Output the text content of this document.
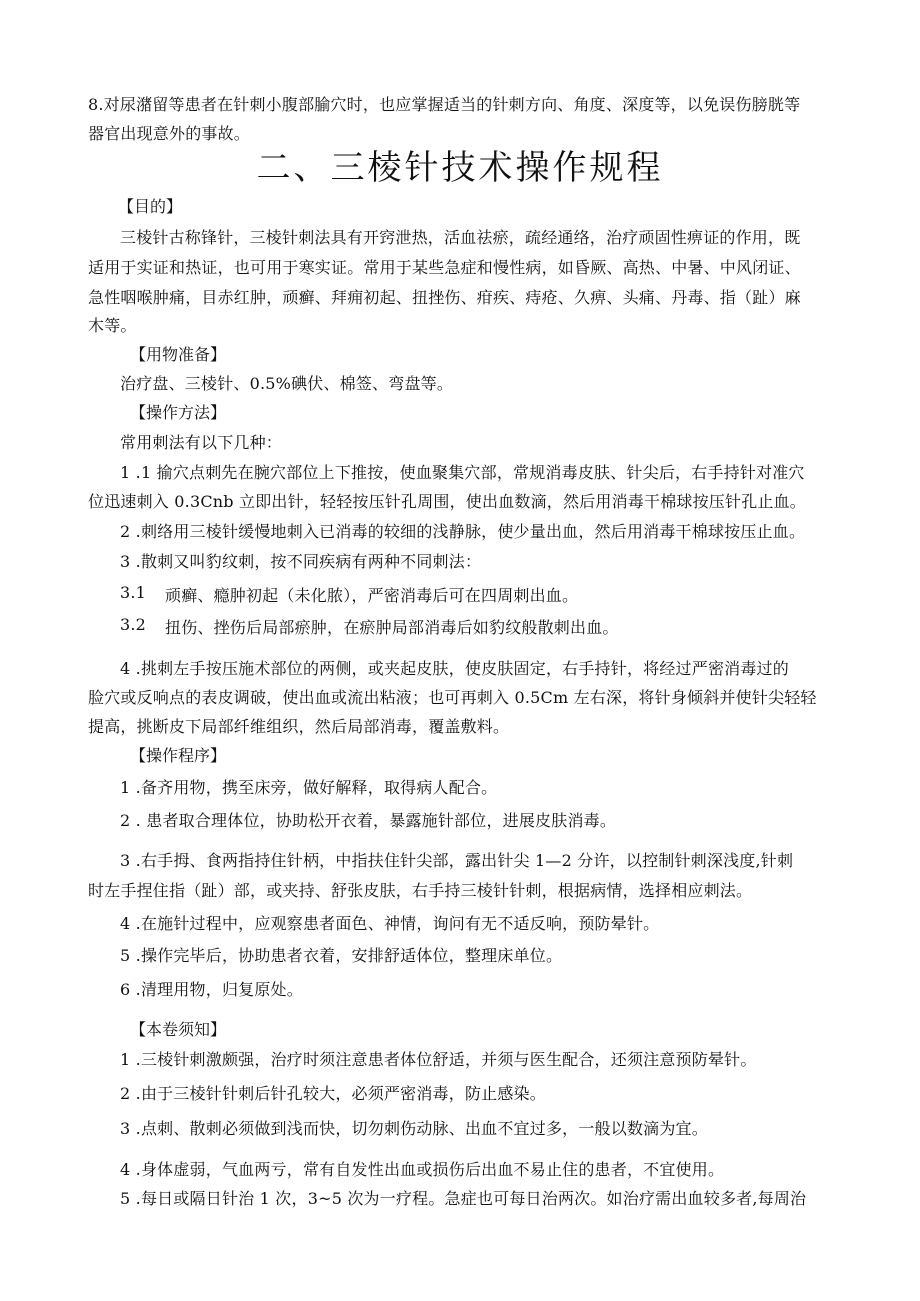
8.对尿潴留等患者在针刺小腹部腧穴时，也应掌握适当的针刺方向、角度、深度等，以免误伤膀胱等
器官出现意外的事故。
二、三棱针技术操作规程
【目的】
三棱针古称锋针，三棱针刺法具有开窍泄热，活血祛瘀，疏经通络，治疗顽固性痹证的作用，既
适用于实证和热证，也可用于寒实证。常用于某些急症和慢性病，如昏厥、高热、中暑、中风闭证、
急性咽喉肿痛，目赤红肿，顽癣、拜痈初起、扭挫伤、疳疾、痔疮、久痹、头痛、丹毒、指（趾）麻
木等。
【用物准备】
治疗盘、三棱针、0.5%碘伏、棉签、弯盘等。
【操作方法】
常用刺法有以下几种：
1 .1 揄穴点刺先在腕穴部位上下推按，使血聚集穴部，常规消毒皮肤、针尖后，右手持针对准穴
位迅速刺入 0.3Cnb 立即出针，轻轻按压针孔周围，使出血数滴，然后用消毒干棉球按压针孔止血。
2 .刺络用三棱针缓慢地刺入已消毒的较细的浅静脉，使少量出血，然后用消毒干棉球按压止血。
3 .散刺又叫豹纹刺，按不同疾病有两种不同刺法：
3.1 顽癣、瘾肿初起（未化脓），严密消毒后可在四周刺出血。
3.2 扭伤、挫伤后局部瘀肿，在瘀肿局部消毒后如豹纹般散刺出血。
4 .挑刺左手按压施术部位的两侧，或夹起皮肤，使皮肤固定，右手持针，将经过严密消毒过的
脸穴或反响点的表皮调破，使出血或流出粘液；也可再刺入 0.5Cm 左右深，将针身倾斜并使针尖轻轻
提高，挑断皮下局部纤维组织，然后局部消毒，覆盖敷料。
【操作程序】
1 .备齐用物，携至床旁，做好解释，取得病人配合。
2 . 患者取合理体位，协助松开衣着，暴露施针部位，进展皮肤消毒。
3 .右手拇、食两指持住针柄，中指扶住针尖部，露出针尖 1—2 分许，以控制针刺深浅度,针刺
时左手捏住指（趾）部，或夹持、舒张皮肤，右手持三棱针针刺，根据病情，选择相应刺法。
4 .在施针过程中，应观察患者面色、神情，询问有无不适反响，预防晕针。
5 .操作完毕后，协助患者衣着，安排舒适体位，整理床单位。
6 .清理用物，归复原处。
【本卷须知】
1 .三棱针刺激颇强，治疗时须注意患者体位舒适，并须与医生配合，还须注意预防晕针。
2 .由于三棱针针刺后针孔较大，必须严密消毒，防止感染。
3 .点刺、散刺必须做到浅而快，切勿刺伤动脉、出血不宜过多，一般以数滴为宜。
4 .身体虚弱，气血两亏，常有自发性出血或损伤后出血不易止住的患者，不宜使用。
5 .每日或隔日针治 1 次，3~5 次为一疗程。急症也可每日治两次。如治疗需出血较多者,每周治
